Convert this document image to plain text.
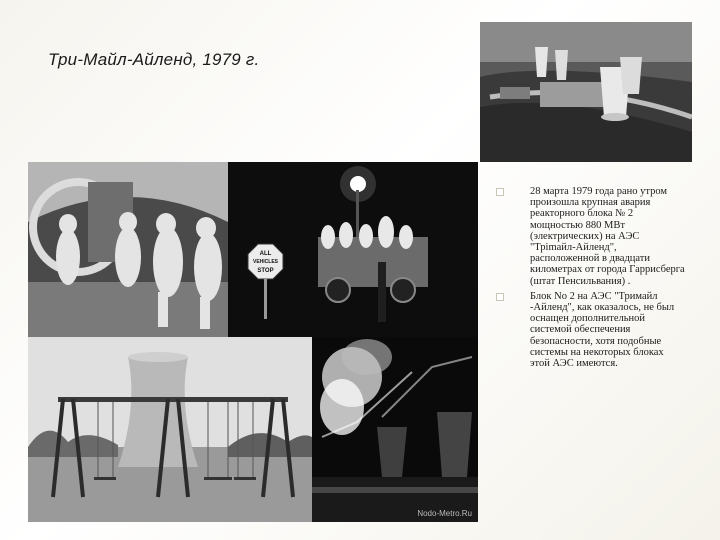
Три-Майл-Айленд, 1979 г.
ALL
VEHICLES
STOP
Nodo-Metro.Ru
28 марта 1979 года рано утром произошла крупная авария реакторного блока № 2 мощностью 880 МВт (электрических) на АЭС "Трimайл-Айленд", расположенной в двадцати километрах от города Гаррисберга (штат Пенсильвания) .
Блок No 2 на АЭС "Тримайл -Айленд", как оказалось, не был оснащен дополнительной системой обеспечения безопасности, хотя подобные системы на некоторых блоках этой АЭС имеются.
